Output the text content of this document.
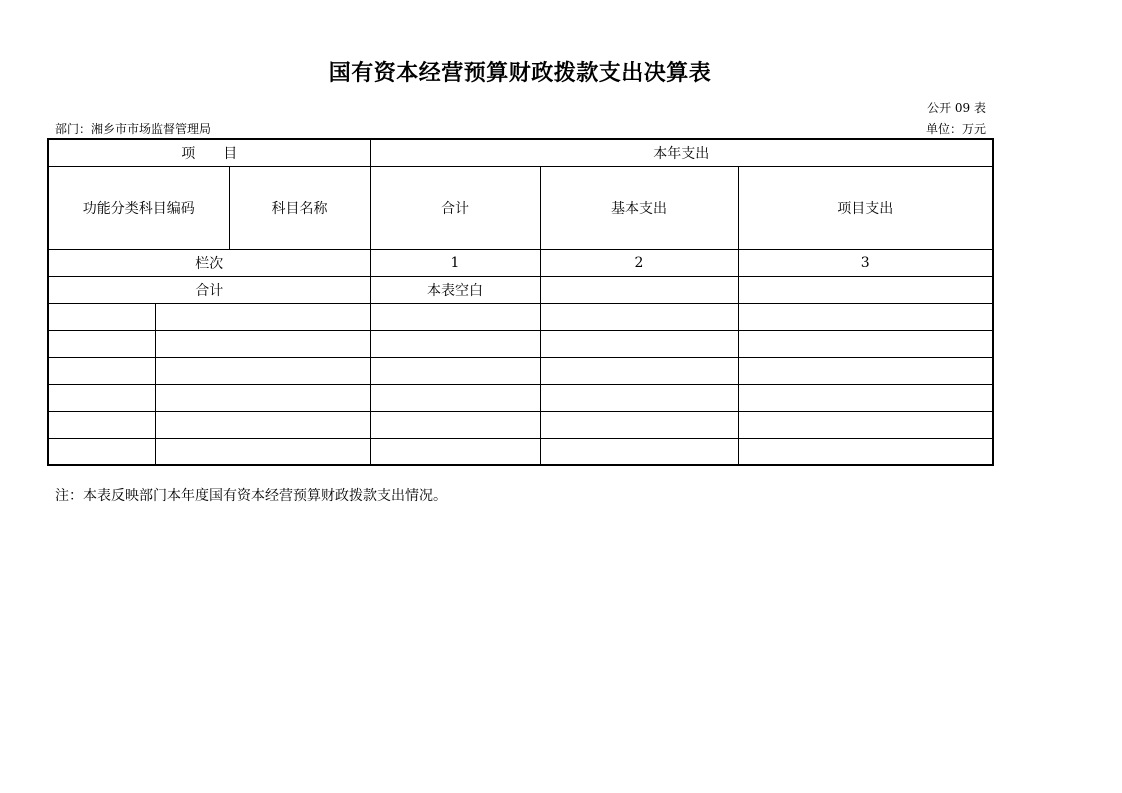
国有资本经营预算财政拨款支出决算表
公开 09 表
部门：湘乡市市场监督管理局	单位：万元
项　　目			本年支出		
功能分类科目编码		科目名称	合计	基本支出	项目支出
栏次			1	2	3
合计			本表空白		

注：本表反映部门本年度国有资本经营预算财政拨款支出情况。
